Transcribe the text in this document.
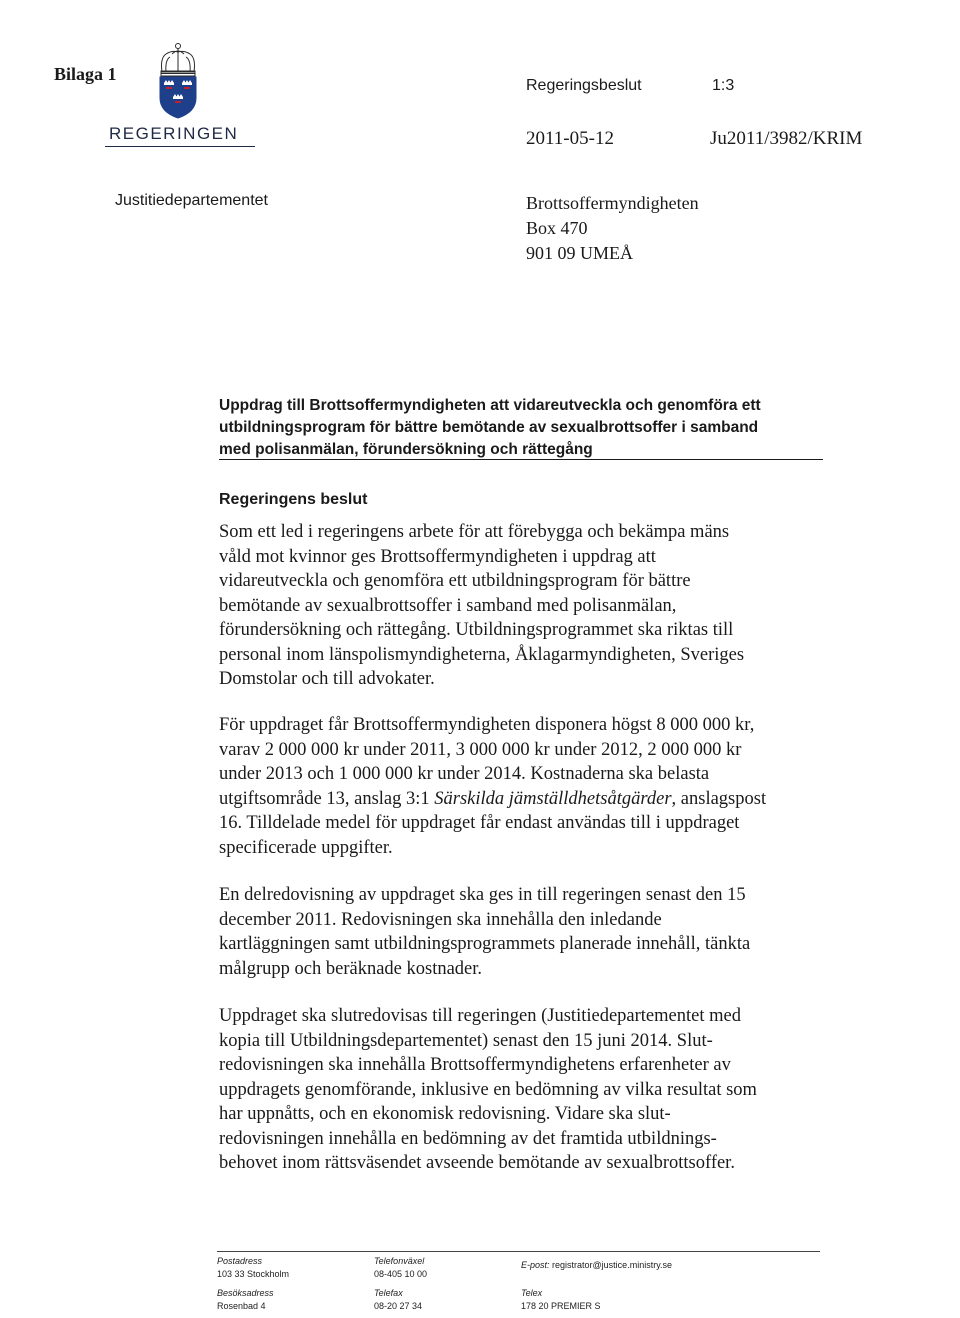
Bilaga 1
REGERINGEN
Justitiedepartementet
Regeringsbeslut	1:3
2011-05-12	Ju2011/3982/KRIM
Brottsoffermyndigheten
Box 470
901 09 UMEÅ
Uppdrag till Brottsoffermyndigheten att vidareutveckla och genomföra ett
utbildningsprogram för bättre bemötande av sexualbrottsoffer i samband
med polisanmälan, förundersökning och rättegång
Regeringens beslut
Som ett led i regeringens arbete för att förebygga och bekämpa mäns
våld mot kvinnor ges Brottsoffermyndigheten i uppdrag att
vidareutveckla och genomföra ett utbildningsprogram för bättre
bemötande av sexualbrottsoffer i samband med polisanmälan,
förundersökning och rättegång. Utbildningsprogrammet ska riktas till
personal inom länspolismyndigheterna, Åklagarmyndigheten, Sveriges
Domstolar och till advokater.
För uppdraget får Brottsoffermyndigheten disponera högst 8 000 000 kr,
varav 2 000 000 kr under 2011, 3 000 000 kr under 2012, 2 000 000 kr
under 2013 och 1 000 000 kr under 2014. Kostnaderna ska belasta
utgiftsområde 13, anslag 3:1 Särskilda jämställdhetsåtgärder, anslagspost
16. Tilldelade medel för uppdraget får endast användas till i uppdraget
specificerade uppgifter.
En delredovisning av uppdraget ska ges in till regeringen senast den 15
december 2011. Redovisningen ska innehålla den inledande
kartläggningen samt utbildningsprogrammets planerade innehåll, tänkta
målgrupp och beräknade kostnader.
Uppdraget ska slutredovisas till regeringen (Justitiedepartementet med
kopia till Utbildningsdepartementet) senast den 15 juni 2014. Slut-
redovisningen ska innehålla Brottsoffermyndighetens erfarenheter av
uppdragets genomförande, inklusive en bedömning av vilka resultat som
har uppnåtts, och en ekonomisk redovisning. Vidare ska slut-
redovisningen innehålla en bedömning av det framtida utbildnings-
behovet inom rättsväsendet avseende bemötande av sexualbrottsoffer.
Postadress
103 33 Stockholm
Besöksadress
Rosenbad 4
Telefonväxel
08-405 10 00
Telefax
08-20 27 34
E-post: registrator@justice.ministry.se
Telex
178 20 PREMIER S
